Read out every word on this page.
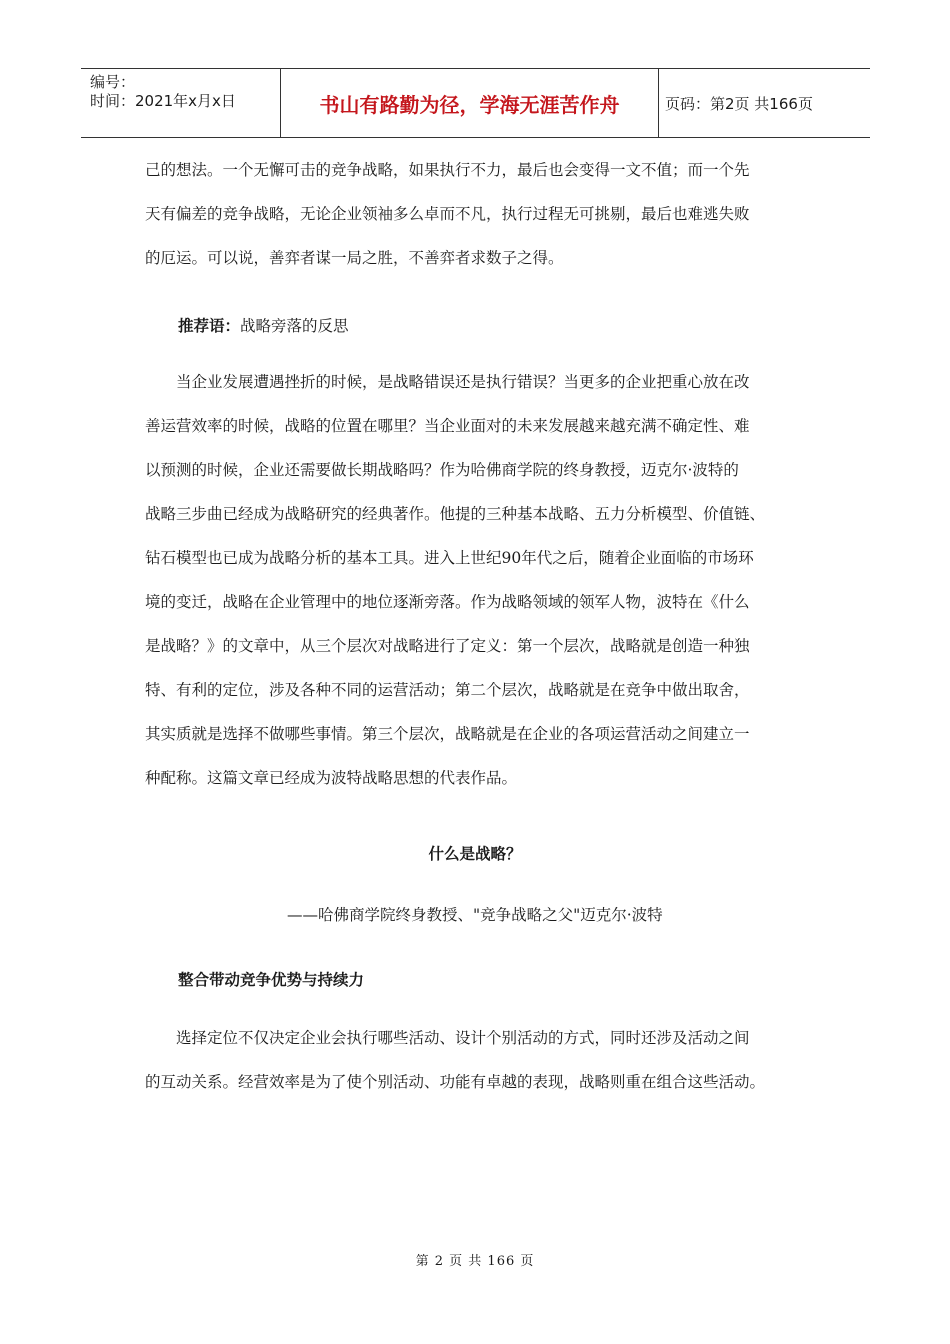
编号：
时间：2021年x月x日	书山有路勤为径，学海无涯苦作舟	页码：第2页 共166页
己的想法。一个无懈可击的竞争战略，如果执行不力，最后也会变得一文不值；而一个先
天有偏差的竞争战略，无论企业领袖多么卓而不凡，执行过程无可挑剔，最后也难逃失败
的厄运。可以说，善弈者谋一局之胜，不善弈者求数子之得。
推荐语：战略旁落的反思
当企业发展遭遇挫折的时候，是战略错误还是执行错误？当更多的企业把重心放在改
善运营效率的时候，战略的位置在哪里？当企业面对的未来发展越来越充满不确定性、难
以预测的时候，企业还需要做长期战略吗？作为哈佛商学院的终身教授，迈克尔·波特的
战略三步曲已经成为战略研究的经典著作。他提的三种基本战略、五力分析模型、价值链、
钻石模型也已成为战略分析的基本工具。进入上世纪90年代之后，随着企业面临的市场环
境的变迁，战略在企业管理中的地位逐渐旁落。作为战略领域的领军人物，波特在《什么
是战略？》的文章中，从三个层次对战略进行了定义：第一个层次，战略就是创造一种独
特、有利的定位，涉及各种不同的运营活动；第二个层次，战略就是在竞争中做出取舍，
其实质就是选择不做哪些事情。第三个层次，战略就是在企业的各项运营活动之间建立一
种配称。这篇文章已经成为波特战略思想的代表作品。
什么是战略？
——哈佛商学院终身教授、"竞争战略之父"迈克尔·波特
整合带动竞争优势与持续力
选择定位不仅决定企业会执行哪些活动、设计个别活动的方式，同时还涉及活动之间
的互动关系。经营效率是为了使个别活动、功能有卓越的表现，战略则重在组合这些活动。
第 2 页 共 166 页
